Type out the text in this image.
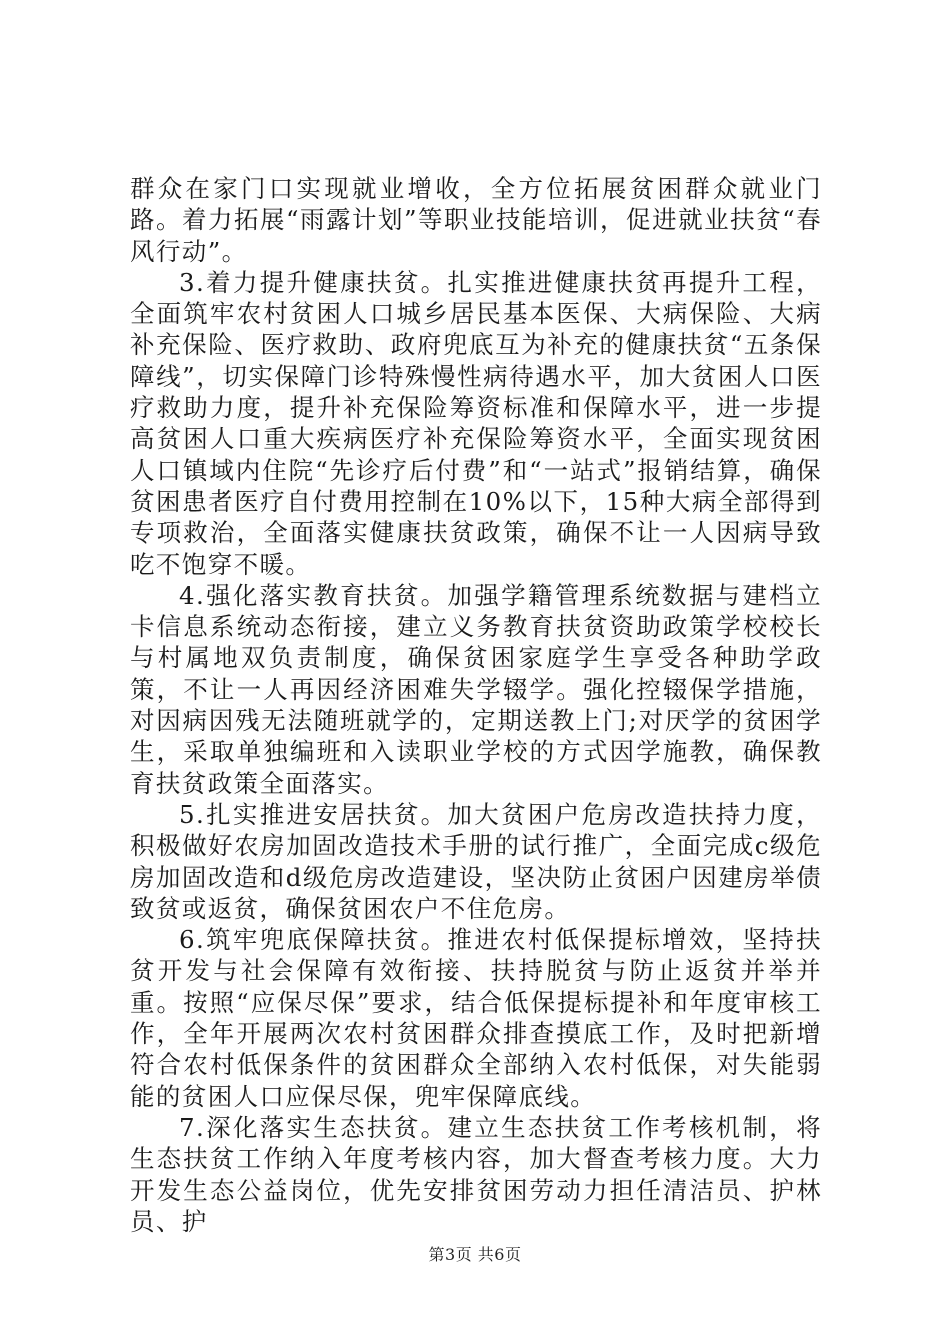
群众在家门口实现就业增收，全方位拓展贫困群众就业门路。着力拓展“雨露计划”等职业技能培训，促进就业扶贫“春风行动”。

3.着力提升健康扶贫。扎实推进健康扶贫再提升工程，全面筑牢农村贫困人口城乡居民基本医保、大病保险、大病补充保险、医疗救助、政府兜底互为补充的健康扶贫“五条保障线”，切实保障门诊特殊慢性病待遇水平，加大贫困人口医疗救助力度，提升补充保险筹资标准和保障水平，进一步提高贫困人口重大疾病医疗补充保险筹资水平，全面实现贫困人口镇域内住院“先诊疗后付费”和“一站式”报销结算，确保贫困患者医疗自付费用控制在10%以下，15种大病全部得到专项救治，全面落实健康扶贫政策，确保不让一人因病导致吃不饱穿不暖。

4.强化落实教育扶贫。加强学籍管理系统数据与建档立卡信息系统动态衔接，建立义务教育扶贫资助政策学校校长与村属地双负责制度，确保贫困家庭学生享受各种助学政策，不让一人再因经济困难失学辍学。强化控辍保学措施，对因病因残无法随班就学的，定期送教上门;对厌学的贫困学生，采取单独编班和入读职业学校的方式因学施教，确保教育扶贫政策全面落实。

5.扎实推进安居扶贫。加大贫困户危房改造扶持力度，积极做好农房加固改造技术手册的试行推广，全面完成c级危房加固改造和d级危房改造建设，坚决防止贫困户因建房举债致贫或返贫，确保贫困农户不住危房。

6.筑牢兜底保障扶贫。推进农村低保提标增效，坚持扶贫开发与社会保障有效衔接、扶持脱贫与防止返贫并举并重。按照“应保尽保”要求，结合低保提标提补和年度审核工作，全年开展两次农村贫困群众排查摸底工作，及时把新增符合农村低保条件的贫困群众全部纳入农村低保，对失能弱能的贫困人口应保尽保，兜牢保障底线。

7.深化落实生态扶贫。建立生态扶贫工作考核机制，将生态扶贫工作纳入年度考核内容，加大督查考核力度。大力开发生态公益岗位，优先安排贫困劳动力担任清洁员、护林员、护

第3页 共6页
